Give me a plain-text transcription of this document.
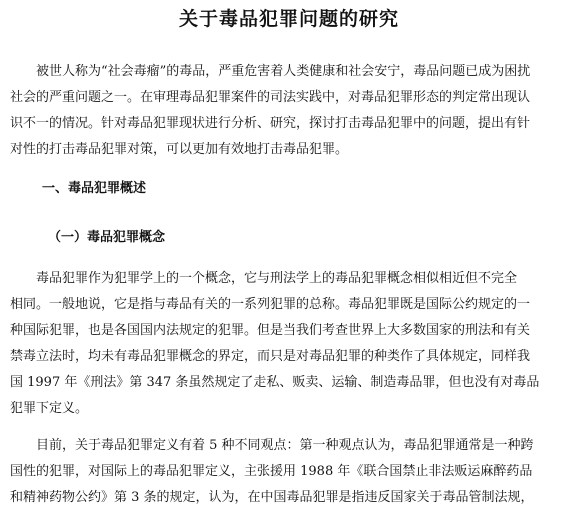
关于毒品犯罪问题的研究
　　被世人称为“社会毒瘤”的毒品，严重危害着人类健康和社会安宁，毒品问题已成为困扰
社会的严重问题之一。在审理毒品犯罪案件的司法实践中，对毒品犯罪形态的判定常出现认
识不一的情况。针对毒品犯罪现状进行分析、研究，探讨打击毒品犯罪中的问题，提出有针
对性的打击毒品犯罪对策，可以更加有效地打击毒品犯罪。
一、毒品犯罪概述
（一）毒品犯罪概念
　　毒品犯罪作为犯罪学上的一个概念，它与刑法学上的毒品犯罪概念相似相近但不完全
相同。一般地说，它是指与毒品有关的一系列犯罪的总称。毒品犯罪既是国际公约规定的一
种国际犯罪，也是各国国内法规定的犯罪。但是当我们考查世界上大多数国家的刑法和有关
禁毒立法时，均未有毒品犯罪概念的界定，而只是对毒品犯罪的种类作了具体规定，同样我
国 1997 年《刑法》第 347 条虽然规定了走私、贩卖、运输、制造毒品罪，但也没有对毒品
犯罪下定义。
　　目前，关于毒品犯罪定义有着 5 种不同观点：第一种观点认为，毒品犯罪通常是一种跨
国性的犯罪，对国际上的毒品犯罪定义，主张援用 1988 年《联合国禁止非法贩运麻醉药品
和精神药物公约》第 3 条的规定，认为，在中国毒品犯罪是指违反国家关于毒品管制法规，
